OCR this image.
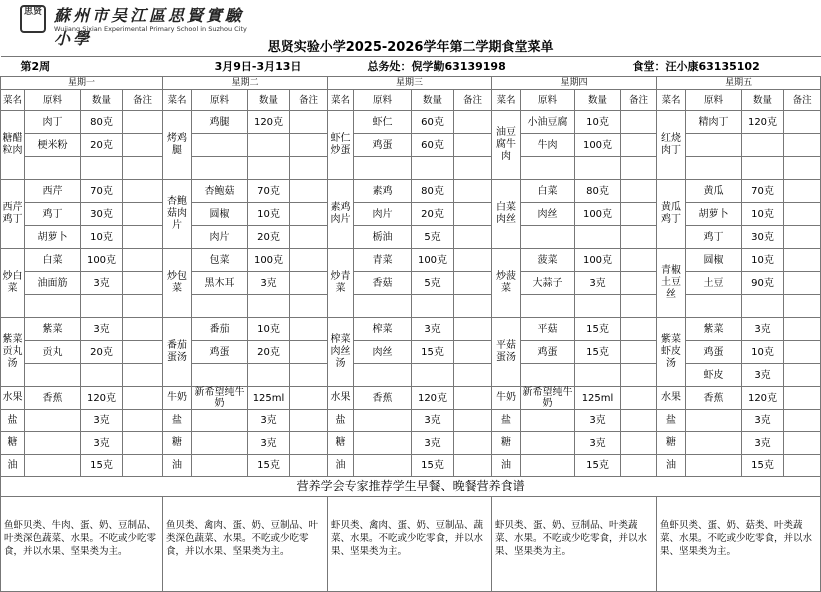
思贤 蘇州市吴江區思賢實驗小學
Wujiang Sixian Experimental Primary School in Suzhou City
思贤实验小学2025-2026学年第二学期食堂菜单																			
第2周				3月9日-3月13日					总务处：倪学勤63139198						食堂：汪小康63135102				
星期一				星期二				星期三				星期四				星期五			
菜名	原料	数量	备注	菜名	原料	数量	备注	菜名	原料	数量	备注	菜名	原料	数量	备注	菜名	原料	数量	备注
糖醋粒肉	肉丁	80克		烤鸡腿	鸡腿	120克		虾仁炒蛋	虾仁	60克		油豆腐牛肉	小油豆腐	10克		红烧肉丁	精肉丁	120克	
	梗米粉	20克							鸡蛋	60克			牛肉	100克					

西芹鸡丁	西芹	70克		杏鲍菇肉片	杏鲍菇	70克		素鸡肉片	素鸡	80克		白菜肉丝	白菜	80克		黄瓜鸡丁	黄瓜	70克	
	鸡丁	30克			圆椒	10克			肉片	20克			肉丝	100克			胡萝卜	10克	
	胡萝卜	10克			肉片	20克			栃油	5克							鸡丁	30克	
炒白菜	白菜	100克		炒包菜	包菜	100克		炒青菜	青菜	100克		炒菠菜	菠菜	100克		青椒土豆丝	圆椒	10克	
	油面筋	3克			黑木耳	3克			香菇	5克			大蒜子	3克			土豆	90克	

紫菜贡丸汤	紫菜	3克		番茄蛋汤	番茄	10克		榨菜肉丝汤	榨菜	3克		平菇蛋汤	平菇	15克		紫菜虾皮汤	紫菜	3克	
	贡丸	20克			鸡蛋	20克			肉丝	15克			鸡蛋	15克			鸡蛋	10克	
																	虾皮	3克	
水果	香蕉	120克		牛奶	新希望纯牛奶	125ml		水果	香蕉	120克		牛奶	新希望纯牛奶	125ml		水果	香蕉	120克	
盐		3克		盐		3克		盐		3克		盐		3克		盐		3克	
糖		3克		糖		3克		糖		3克		糖		3克		糖		3克	
油		15克		油		15克		油		15克		油		15克		油		15克	
营养学会专家推荐学生早餐、晚餐营养食谱																			
鱼虾贝类、牛肉、蛋、奶、豆制品、叶类深色蔬菜、水果。不吃或少吃零食，并以水果、坚果类为主。				鱼贝类、禽肉、蛋、奶、豆制品、叶类深色蔬菜、水果。不吃或少吃零食，并以水果、坚果类为主。				虾贝类、禽肉、蛋、奶、豆制品、蔬菜、水果。不吃或少吃零食，并以水果、坚果类为主。				虾贝类、蛋、奶、豆制品、叶类蔬菜、水果。不吃或少吃零食，并以水果、坚果类为主。				鱼虾贝类、蛋、奶、菇类、叶类蔬菜、水果。不吃或少吃零食，并以水果、坚果类为主。			
